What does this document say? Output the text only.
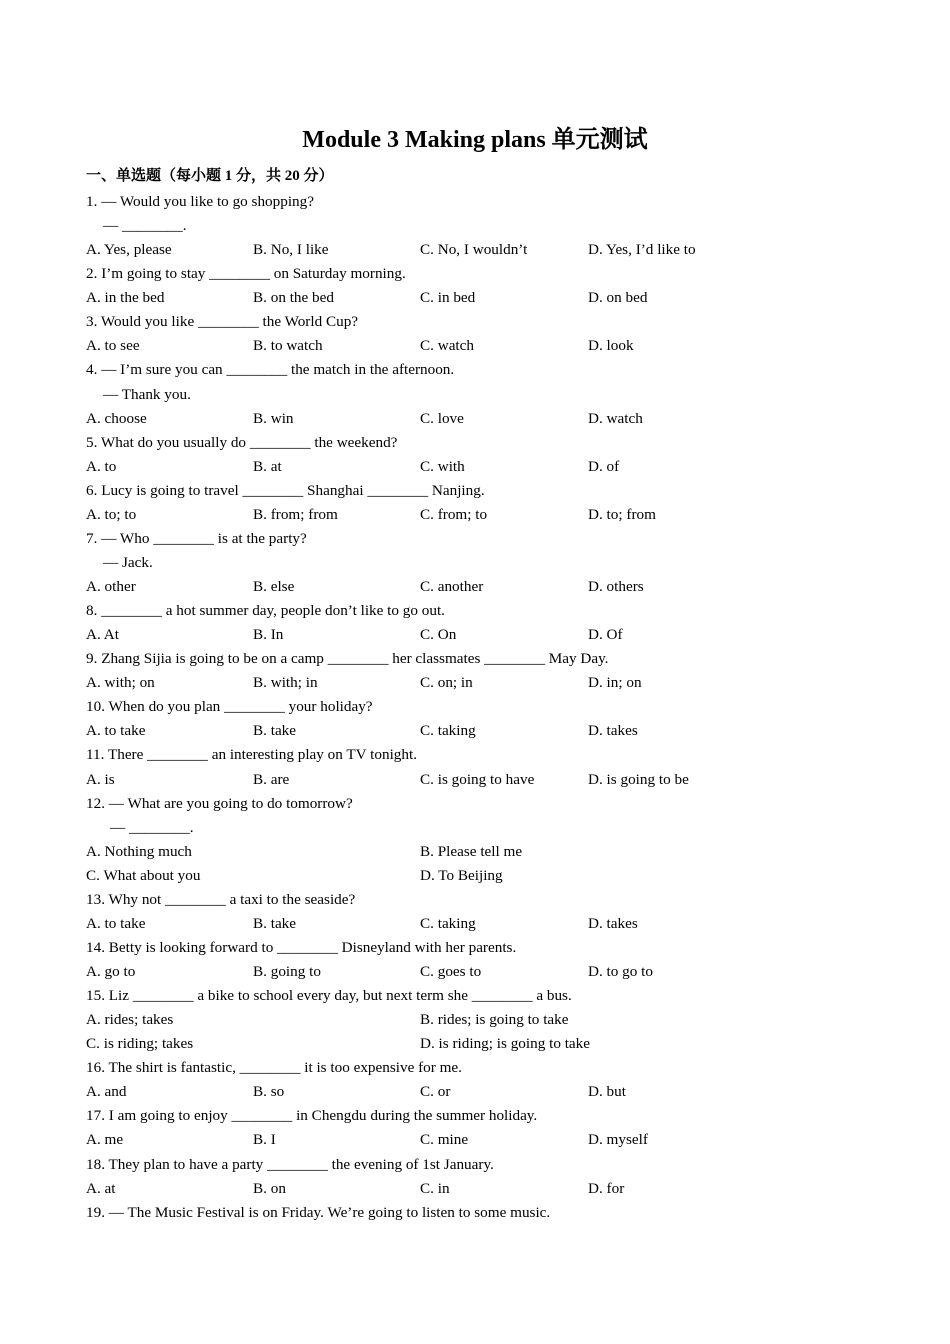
Module 3 Making plans 单元测试
一、单选题（每小题 1 分，共 20 分）
1. — Would you like to go shopping?
— ________.
A. Yes, please	B. No, I like	C. No, I wouldn’t	D. Yes, I’d like to
2. I’m going to stay ________ on Saturday morning.
A. in the bed	B. on the bed	C. in bed	D. on bed
3. Would you like ________ the World Cup?
A. to see	B. to watch	C. watch	D. look
4. — I’m sure you can ________ the match in the afternoon.
— Thank you.
A. choose	B. win	C. love	D. watch
5. What do you usually do ________ the weekend?
A. to	B. at	C. with	D. of
6. Lucy is going to travel ________ Shanghai ________ Nanjing.
A. to; to	B. from; from	C. from; to	D. to; from
7. — Who ________ is at the party?
— Jack.
A. other	B. else	C. another	D. others
8. ________ a hot summer day, people don’t like to go out.
A. At	B. In	C. On	D. Of
9. Zhang Sijia is going to be on a camp ________ her classmates ________ May Day.
A. with; on	B. with; in	C. on; in	D. in; on
10. When do you plan ________ your holiday?
A. to take	B. take	C. taking	D. takes
11. There ________ an interesting play on TV tonight.
A. is	B. are	C. is going to have	D. is going to be
12. — What are you going to do tomorrow?
— ________.
A. Nothing much	B. Please tell me
C. What about you	D. To Beijing
13. Why not ________ a taxi to the seaside?
A. to take	B. take	C. taking	D. takes
14. Betty is looking forward to ________ Disneyland with her parents.
A. go to	B. going to	C. goes to	D. to go to
15. Liz ________ a bike to school every day, but next term she ________ a bus.
A. rides; takes	B. rides; is going to take
C. is riding; takes	D. is riding; is going to take
16. The shirt is fantastic, ________ it is too expensive for me.
A. and	B. so	C. or	D. but
17. I am going to enjoy ________ in Chengdu during the summer holiday.
A. me	B. I	C. mine	D. myself
18. They plan to have a party ________ the evening of 1st January.
A. at	B. on	C. in	D. for
19. — The Music Festival is on Friday. We’re going to listen to some music.
